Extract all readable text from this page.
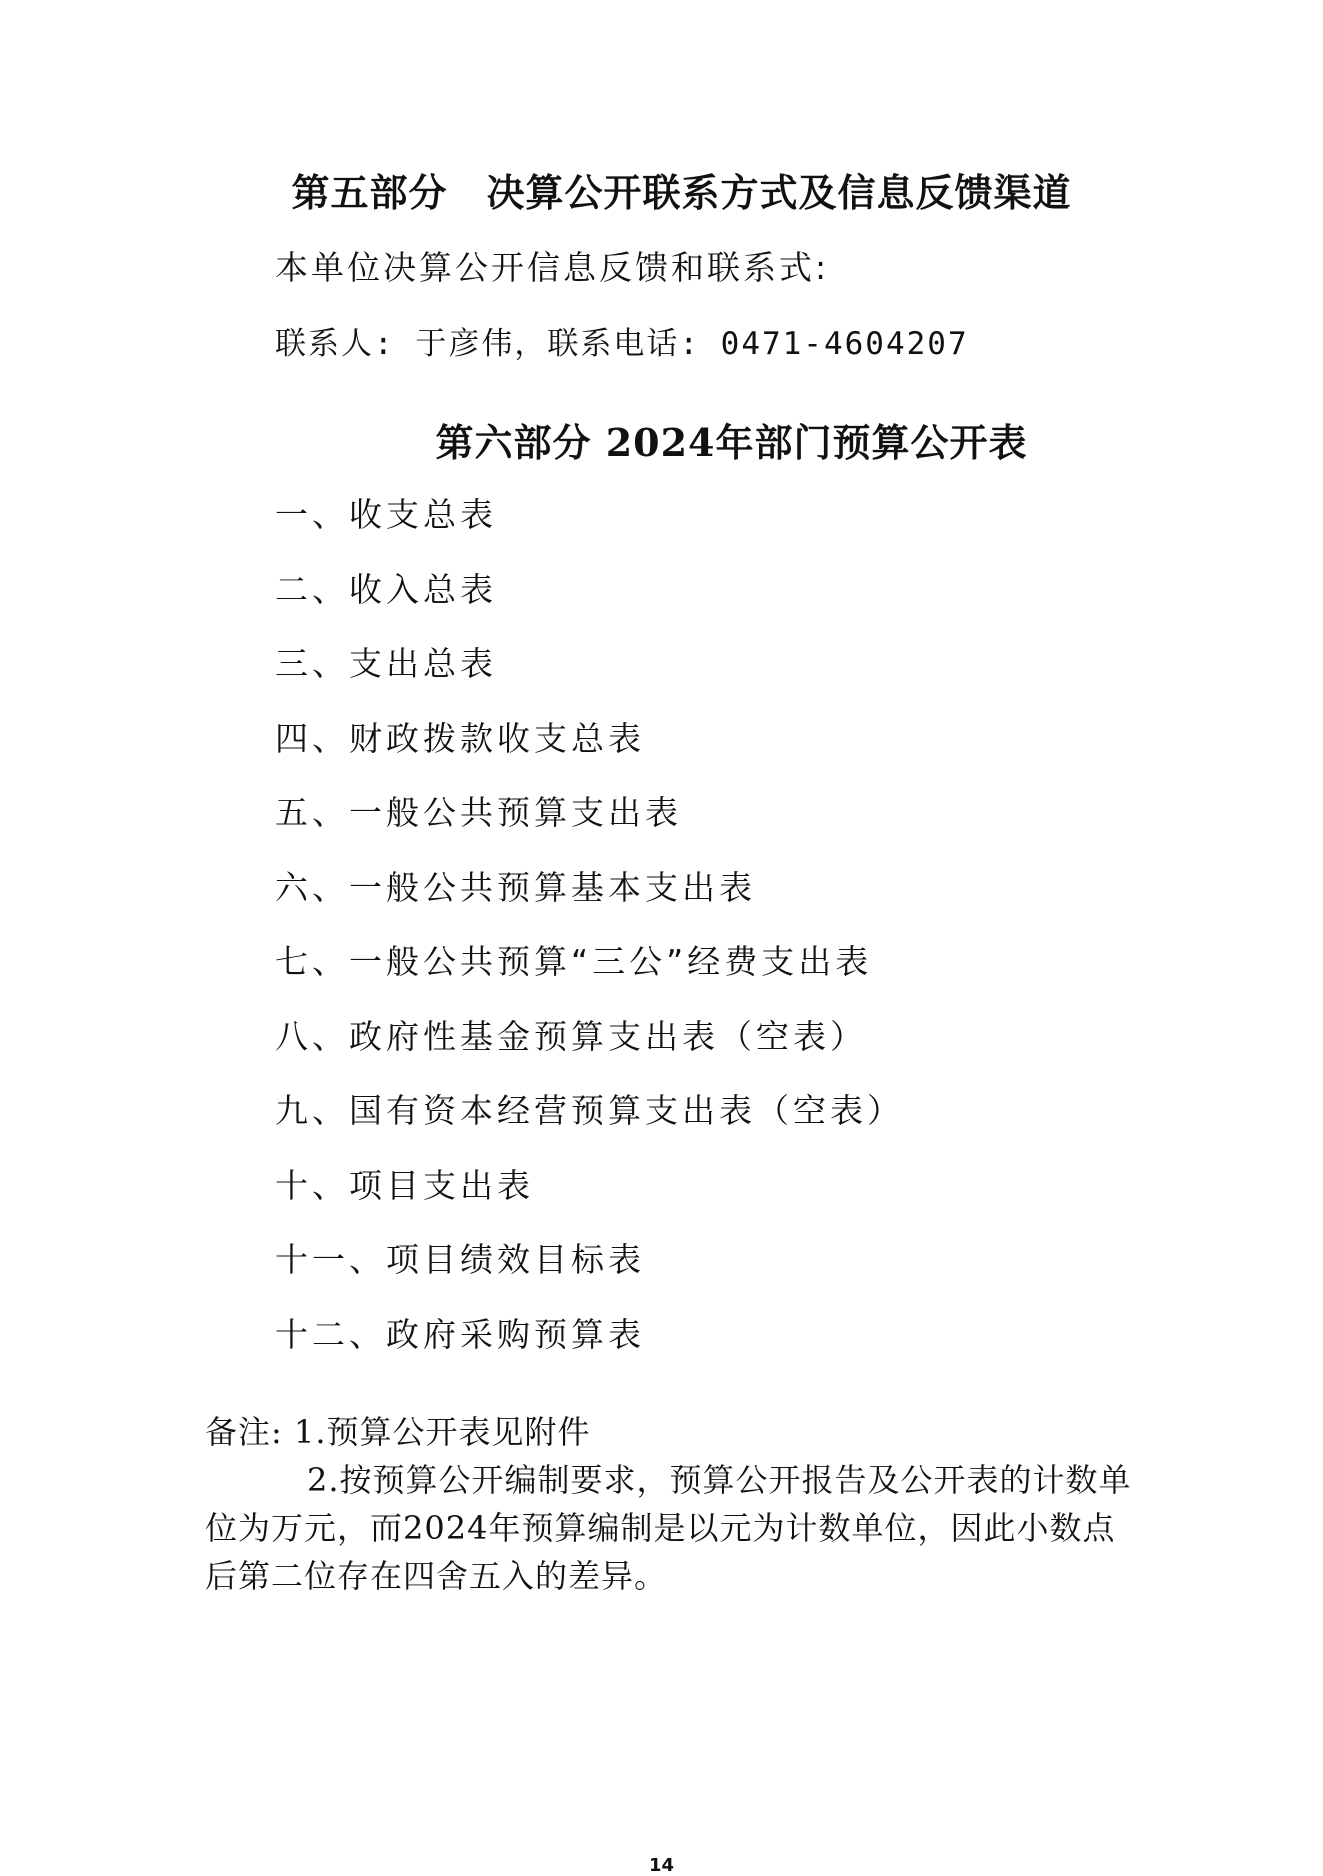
第五部分　决算公开联系方式及信息反馈渠道
本单位决算公开信息反馈和联系式:
联系人: 于彦伟，联系电话: 0471-4604207
第六部分 2024年部门预算公开表
一、收支总表
二、收入总表
三、支出总表
四、财政拨款收支总表
五、一般公共预算支出表
六、一般公共预算基本支出表
七、一般公共预算“三公”经费支出表
八、政府性基金预算支出表（空表）
九、国有资本经营预算支出表（空表）
十、项目支出表
十一、项目绩效目标表
十二、政府采购预算表

备注: 1.预算公开表见附件

2.按预算公开编制要求，预算公开报告及公开表的计数单位为万元，而2024年预算编制是以元为计数单位，因此小数点后第二位存在四舍五入的差异。

14
